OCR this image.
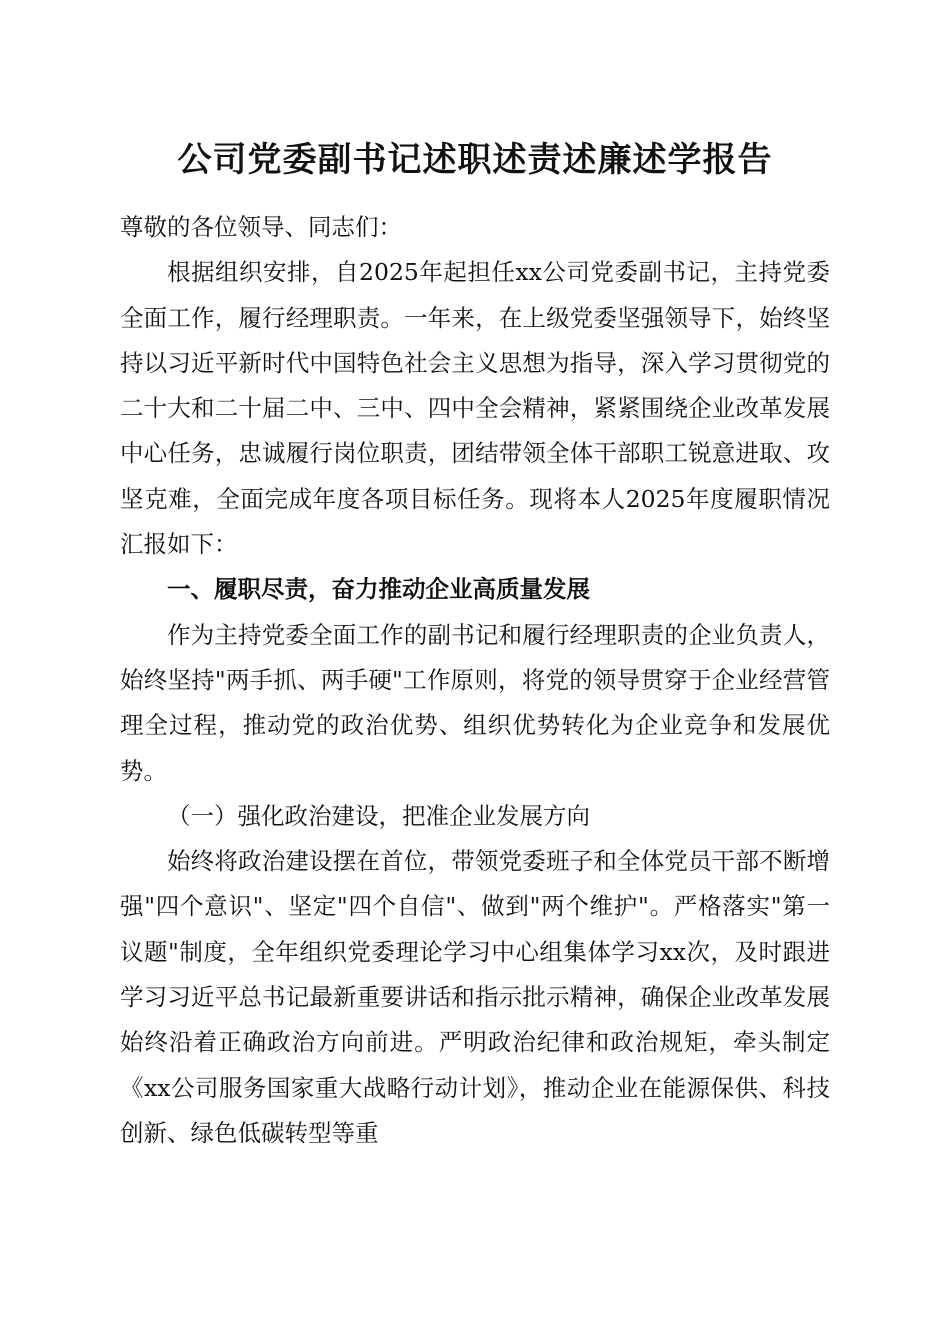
公司党委副书记述职述责述廉述学报告

尊敬的各位领导、同志们：

根据组织安排，自2025年起担任xx公司党委副书记，主持党委全面工作，履行经理职责。一年来，在上级党委坚强领导下，始终坚持以习近平新时代中国特色社会主义思想为指导，深入学习贯彻党的二十大和二十届二中、三中、四中全会精神，紧紧围绕企业改革发展中心任务，忠诚履行岗位职责，团结带领全体干部职工锐意进取、攻坚克难，全面完成年度各项目标任务。现将本人2025年度履职情况汇报如下：

一、履职尽责，奋力推动企业高质量发展

作为主持党委全面工作的副书记和履行经理职责的企业负责人，始终坚持"两手抓、两手硬"工作原则，将党的领导贯穿于企业经营管理全过程，推动党的政治优势、组织优势转化为企业竞争和发展优势。

（一）强化政治建设，把准企业发展方向

始终将政治建设摆在首位，带领党委班子和全体党员干部不断增强"四个意识"、坚定"四个自信"、做到"两个维护"。严格落实"第一议题"制度，全年组织党委理论学习中心组集体学习xx次，及时跟进学习习近平总书记最新重要讲话和指示批示精神，确保企业改革发展始终沿着正确政治方向前进。严明政治纪律和政治规矩，牵头制定《xx公司服务国家重大战略行动计划》，推动企业在能源保供、科技创新、绿色低碳转型等重
